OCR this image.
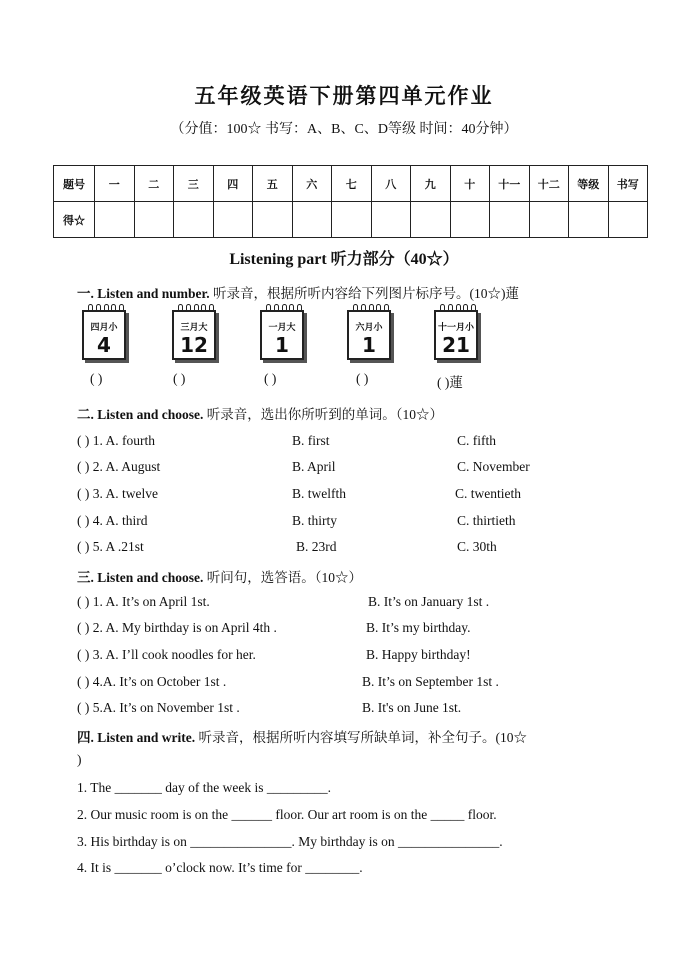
五年级英语下册第四单元作业
（分值：100☆ 书写：A、B、C、D等级 时间：40分钟）
题号	一	二	三	四	五	六	七	八	九	十	十一	十二	等级	书写
得☆														
Listening part 听力部分（40☆）
一. Listen and number. 听录音，根据所听内容给下列图片标序号。(10☆)蓮
四月小
4
三月大
12
一月大
1
六月小
1
十一月小
21
( )	( )	( )	( )	( )蓮
二. Listen and choose. 听录音，选出你所听到的单词。（10☆）
( ) 1. A. fourth	B. first	C. fifth
( ) 2. A. August	B. April	C. November
( ) 3. A. twelve	B. twelfth	C. twentieth
( ) 4. A. third	B. thirty	C. thirtieth
( ) 5. A .21st	B. 23rd	C. 30th
三. Listen and choose. 听问句，选答语。（10☆）
( ) 1. A. It’s on April 1st.	B. It’s on January 1st .
( ) 2. A. My birthday is on April 4th .	B. It’s my birthday.
( ) 3. A. I’ll cook noodles for her.	B. Happy birthday!
( ) 4.A. It’s on October 1st .	B. It’s on September 1st .
( ) 5.A. It’s on November 1st .	B. It's on June 1st.
四. Listen and write. 听录音，根据所听内容填写所缺单词，补全句子。(10☆
)
1. The _______ day of the week is _________.
2. Our music room is on the ______ floor. Our art room is on the _____ floor.
3. His birthday is on _______________. My birthday is on _______________.
4. It is _______ o’clock now. It’s time for ________.
